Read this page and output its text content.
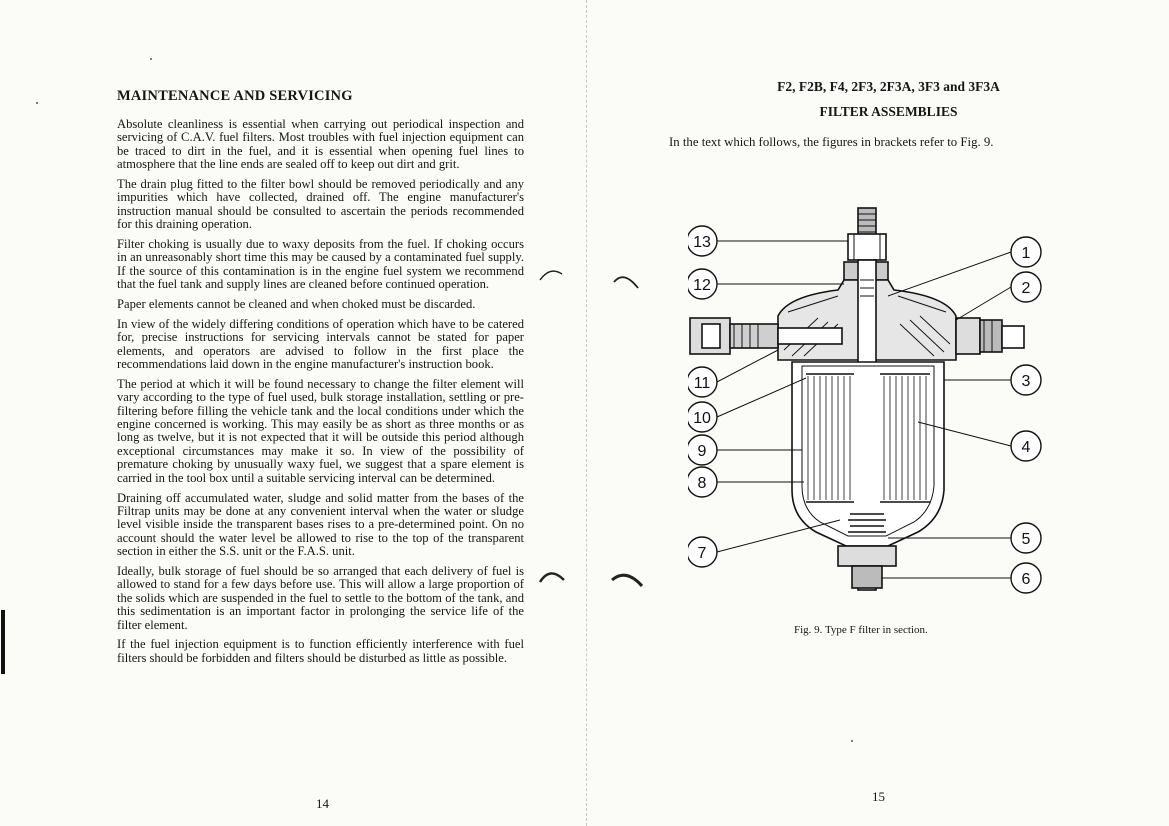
MAINTENANCE AND SERVICING

Absolute cleanliness is essential when carrying out periodical inspection and servicing of C.A.V. fuel filters. Most troubles with fuel injection equipment can be traced to dirt in the fuel, and it is essential when opening fuel lines to atmosphere that the line ends are sealed off to keep out dirt and grit.

The drain plug fitted to the filter bowl should be removed periodically and any impurities which have collected, drained off. The engine manufacturer's instruction manual should be consulted to ascertain the periods recommended for this draining operation.

Filter choking is usually due to waxy deposits from the fuel. If choking occurs in an unreasonably short time this may be caused by a contaminated fuel supply. If the source of this contamination is in the engine fuel system we recommend that the fuel tank and supply lines are cleaned before continued operation.

Paper elements cannot be cleaned and when choked must be discarded.

In view of the widely differing conditions of operation which have to be catered for, precise instructions for servicing intervals cannot be stated for paper elements, and operators are advised to follow in the first place the recommendations laid down in the engine manufacturer's instruction book.

The period at which it will be found necessary to change the filter element will vary according to the type of fuel used, bulk storage installation, settling or pre-filtering before filling the vehicle tank and the local conditions under which the engine concerned is working. This may easily be as short as three months or as long as twelve, but it is not expected that it will be outside this period although exceptional circumstances may make it so. In view of the possibility of premature choking by unusually waxy fuel, we suggest that a spare element is carried in the tool box until a suitable servicing interval can be determined.

Draining off accumulated water, sludge and solid matter from the bases of the Filtrap units may be done at any convenient interval when the water or sludge level visible inside the transparent bases rises to a pre-determined point. On no account should the water level be allowed to rise to the top of the transparent section in either the S.S. unit or the F.A.S. unit.

Ideally, bulk storage of fuel should be so arranged that each delivery of fuel is allowed to stand for a few days before use. This will allow a large proportion of the solids which are suspended in the fuel to settle to the bottom of the tank, and this sedimentation is an important factor in prolonging the service life of the filter element.

If the fuel injection equipment is to function efficiently interference with fuel filters should be forbidden and filters should be disturbed as little as possible.

14
F2, F2B, F4, 2F3, 2F3A, 3F3 and 3F3A
FILTER ASSEMBLIES
In the text which follows, the figures in brackets refer to Fig. 9.
13
12
11
10
9
8
7
1
2
3
4
5
6
Fig. 9. Type F filter in section.
15
